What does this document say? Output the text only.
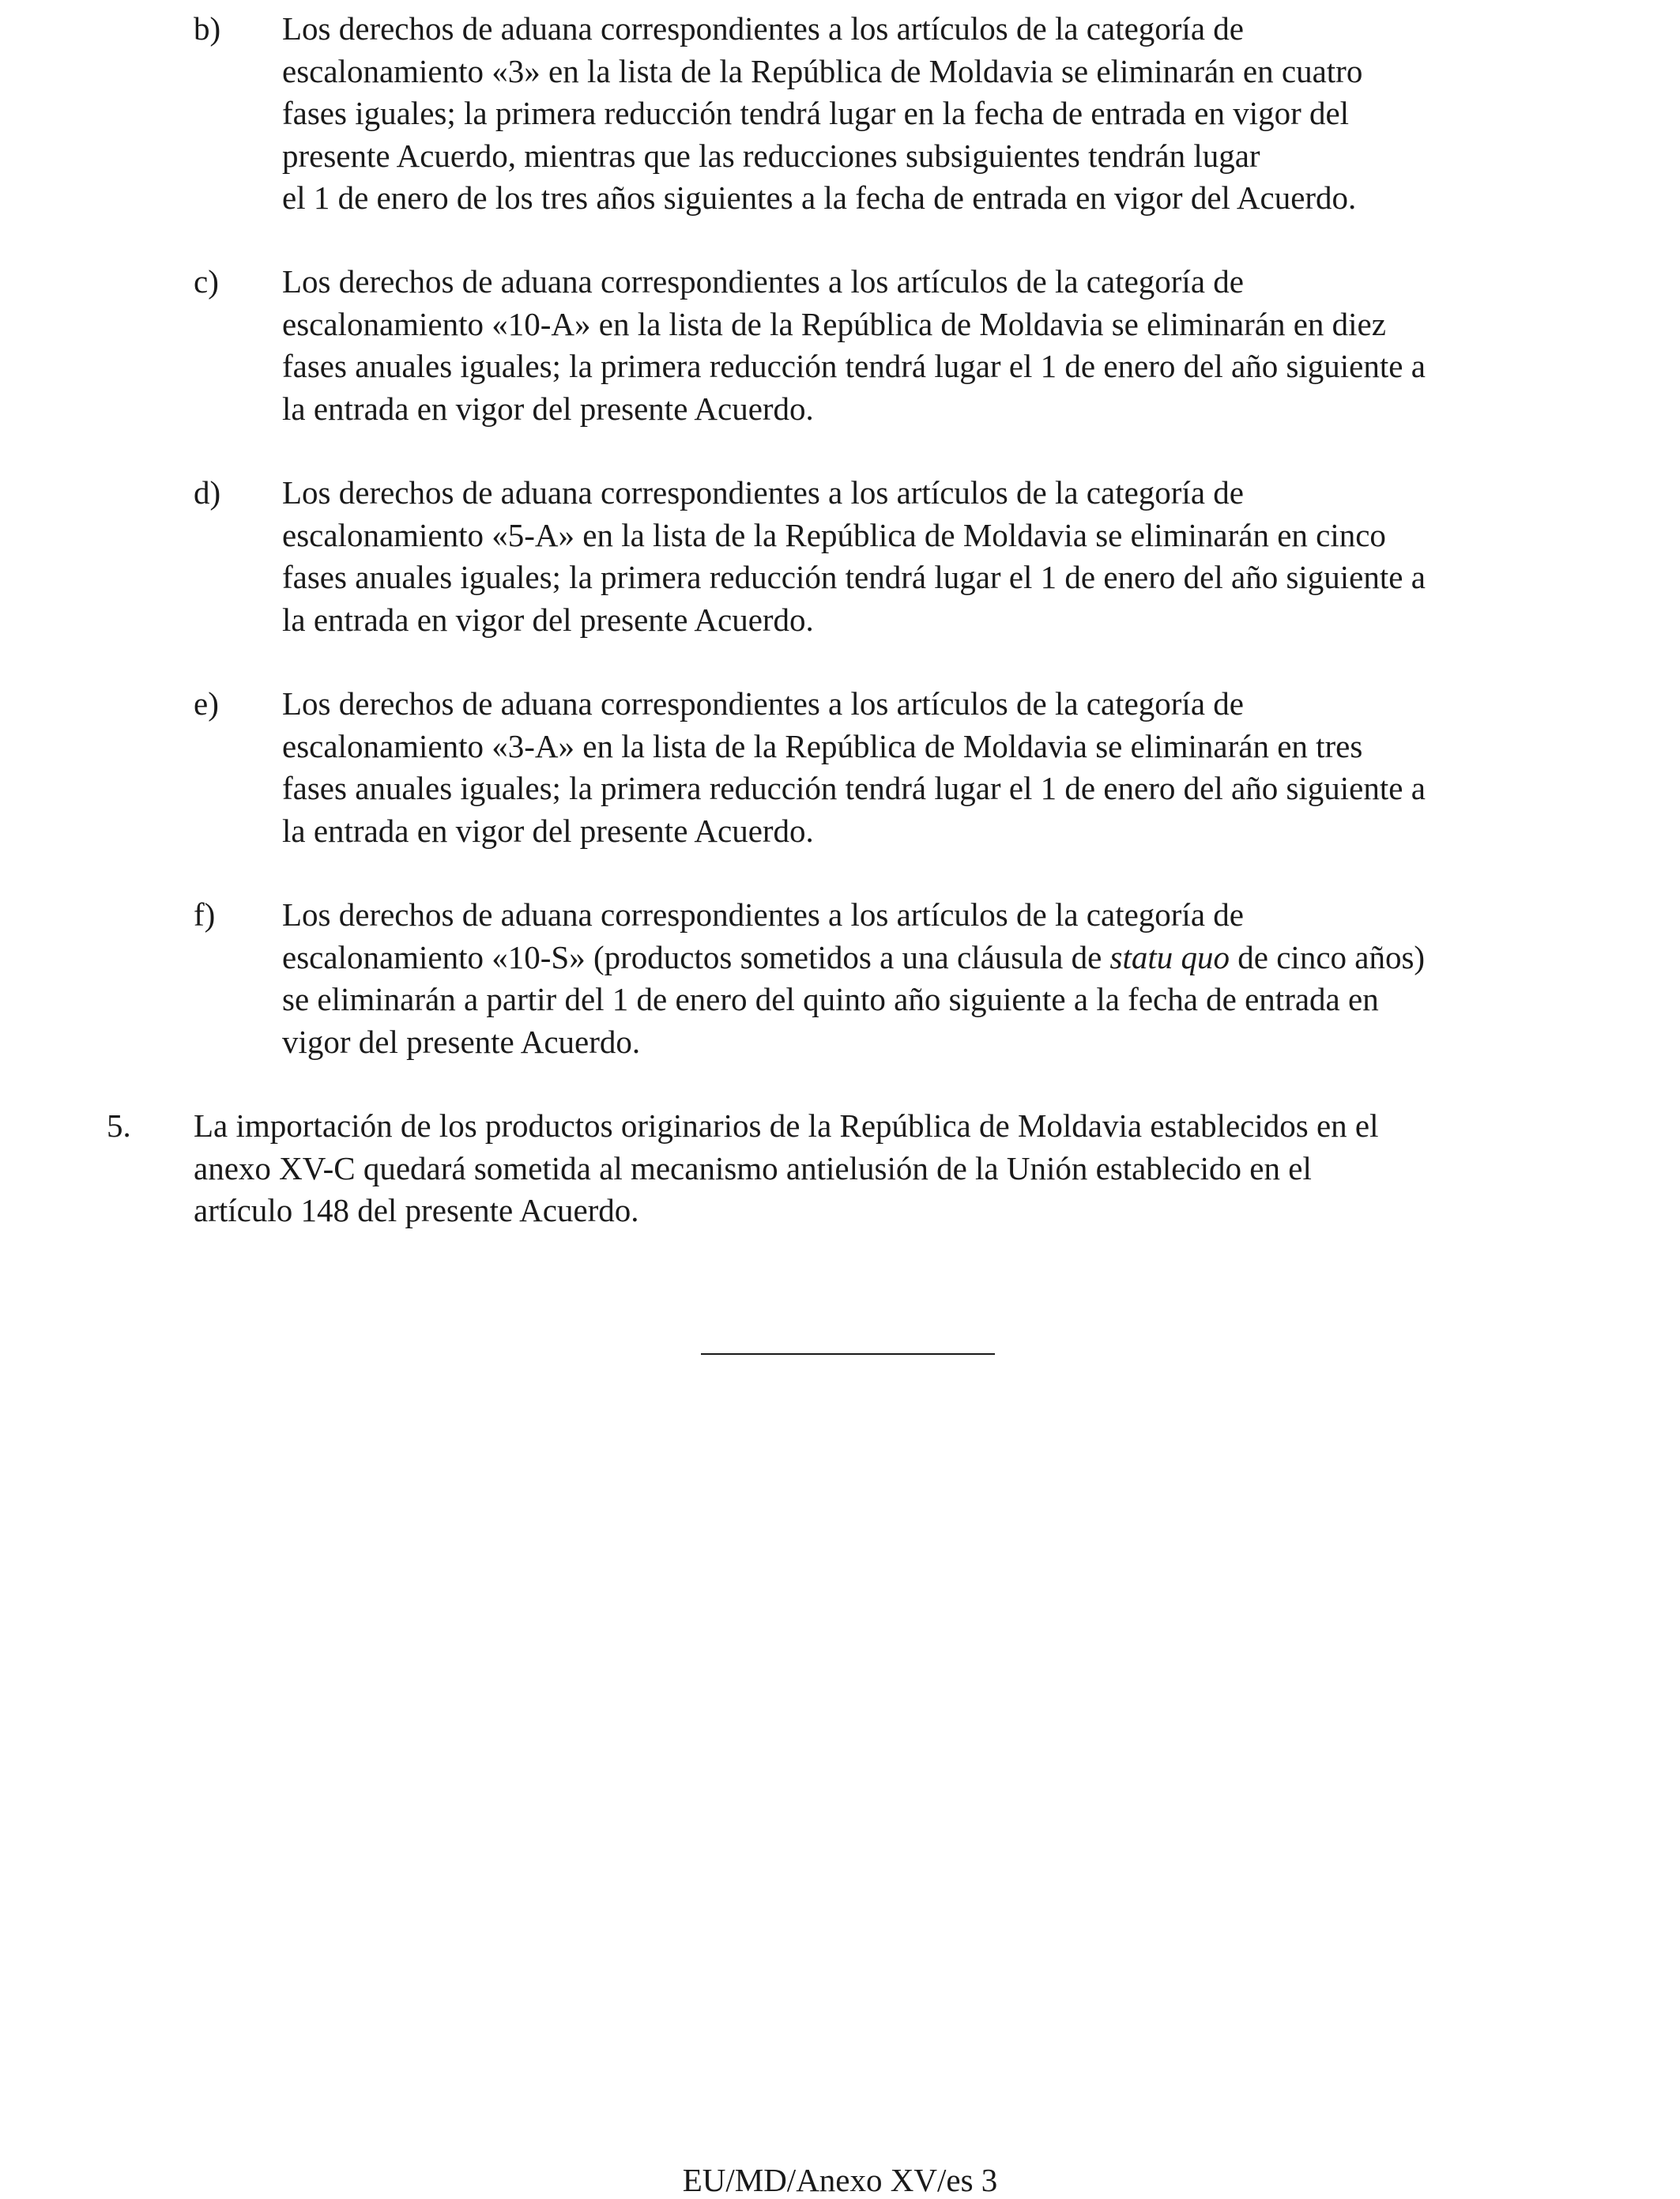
b) Los derechos de aduana correspondientes a los artículos de la categoría de
escalonamiento «3» en la lista de la República de Moldavia se eliminarán en cuatro
fases iguales; la primera reducción tendrá lugar en la fecha de entrada en vigor del
presente Acuerdo, mientras que las reducciones subsiguientes tendrán lugar
el 1 de enero de los tres años siguientes a la fecha de entrada en vigor del Acuerdo.
c) Los derechos de aduana correspondientes a los artículos de la categoría de
escalonamiento «10-A» en la lista de la República de Moldavia se eliminarán en diez
fases anuales iguales; la primera reducción tendrá lugar el 1 de enero del año siguiente a
la entrada en vigor del presente Acuerdo.
d) Los derechos de aduana correspondientes a los artículos de la categoría de
escalonamiento «5-A» en la lista de la República de Moldavia se eliminarán en cinco
fases anuales iguales; la primera reducción tendrá lugar el 1 de enero del año siguiente a
la entrada en vigor del presente Acuerdo.
e) Los derechos de aduana correspondientes a los artículos de la categoría de
escalonamiento «3-A» en la lista de la República de Moldavia se eliminarán en tres
fases anuales iguales; la primera reducción tendrá lugar el 1 de enero del año siguiente a
la entrada en vigor del presente Acuerdo.
f) Los derechos de aduana correspondientes a los artículos de la categoría de
escalonamiento «10-S» (productos sometidos a una cláusula de statu quo de cinco años)
se eliminarán a partir del 1 de enero del quinto año siguiente a la fecha de entrada en
vigor del presente Acuerdo.
5. La importación de los productos originarios de la República de Moldavia establecidos en el
anexo XV-C quedará sometida al mecanismo antielusión de la Unión establecido en el
artículo 148 del presente Acuerdo.
EU/MD/Anexo XV/es 3
